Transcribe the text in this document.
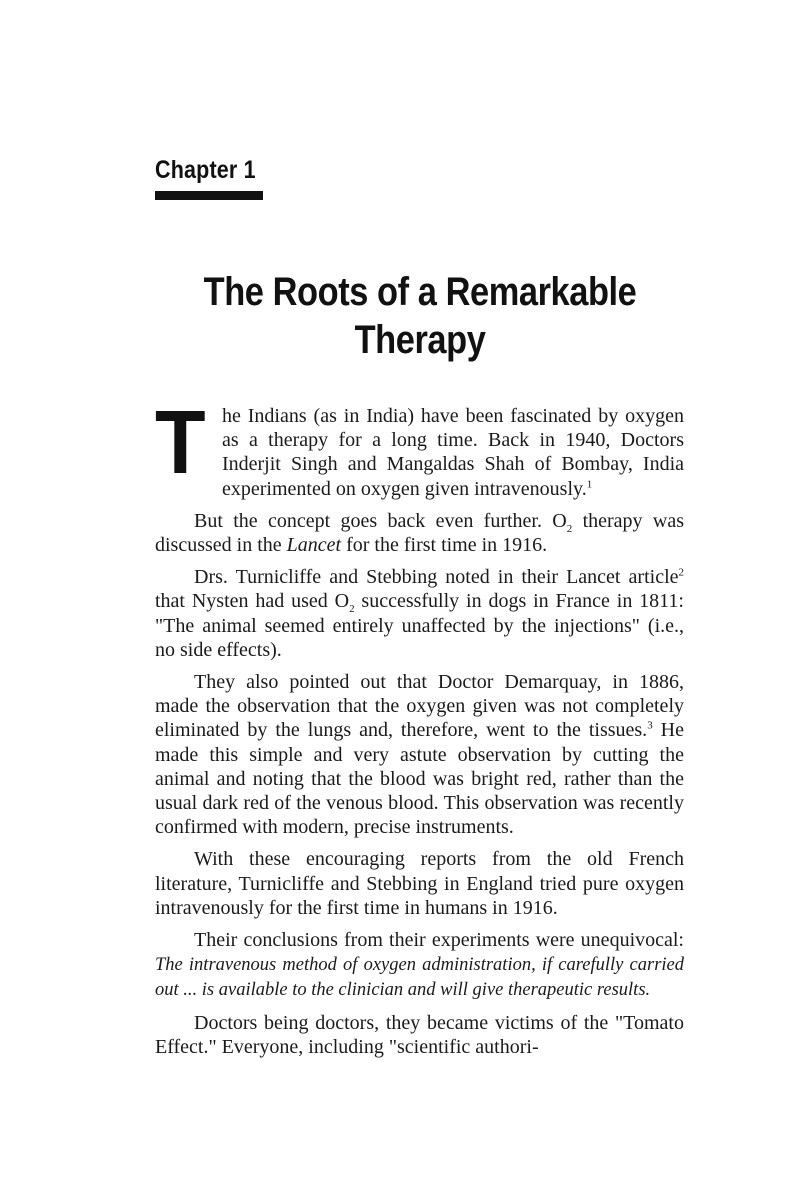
Chapter 1
The Roots of a Remarkable
Therapy

The Indians (as in India) have been fascinated by oxygen as a therapy for a long time. Back in 1940, Doctors Inderjit Singh and Mangaldas Shah of Bombay, India experimented on oxygen given intravenously.$^1$

But the concept goes back even further. $O_2$ therapy was discussed in the Lancet for the first time in 1916.

Drs. Turnicliffe and Stebbing noted in their Lancet article$^2$ that Nysten had used $O_2$ successfully in dogs in France in 1811: "The animal seemed entirely unaffected by the injections" (i.e., no side effects).

They also pointed out that Doctor Demarquay, in 1886, made the observation that the oxygen given was not completely eliminated by the lungs and, therefore, went to the tissues.$^3$ He made this simple and very astute observation by cutting the animal and noting that the blood was bright red, rather than the usual dark red of the venous blood. This observation was recently confirmed with modern, precise instruments.

With these encouraging reports from the old French literature, Turnicliffe and Stebbing in England tried pure oxygen intravenously for the first time in humans in 1916.

Their conclusions from their experiments were unequivocal: The intravenous method of oxygen administration, if carefully carried out ... is available to the clinician and will give therapeutic results.

Doctors being doctors, they became victims of the "Tomato Effect." Everyone, including "scientific authori-
